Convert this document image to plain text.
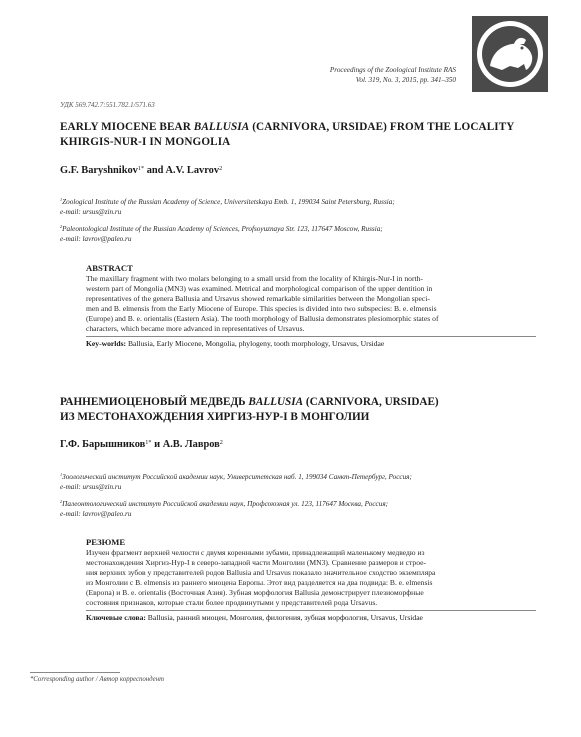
Proceedings of the Zoological Institute RAS
Vol. 319, No. 3, 2015, pp. 341–350
УДК 569.742.7:551.782.1/571.63
EARLY MIOCENE BEAR BALLUSIA (CARNIVORA, URSIDAE) FROM THE LOCALITY
KHIRGIS-NUR-I IN MONGOLIA
G.F. Baryshnikov$^{1*}$ and A.V. Lavrov$^2$
$^1$Zoological Institute of the Russian Academy of Science, Universitetskaya Emb. 1, 199034 Saint Petersburg, Russia;
e-mail: ursus@zin.ru
$^2$Paleontological Institute of the Russian Academy of Sciences, Profsoyuznaya Str. 123, 117647 Moscow, Russia;
e-mail: lavrov@paleo.ru
ABSTRACT
The maxillary fragment with two molars belonging to a small ursid from the locality of Khirgis-Nur-I in north-
western part of Mongolia (MN3) was examined. Metrical and morphological comparison of the upper dentition in
representatives of the genera Ballusia and Ursavus showed remarkable similarities between the Mongolian speci-
men and B. elmensis from the Early Miocene of Europe. This species is divided into two subspecies: B. e. elmensis
(Europe) and B. e. orientalis (Eastern Asia). The tooth morphology of Ballusia demonstrates plesiomorphic states of
characters, which became more advanced in representatives of Ursavus.
Key-worlds: Ballusia, Early Miocene, Mongolia, phylogeny, tooth morphology, Ursavus, Ursidae
РАННЕМИОЦЕНОВЫЙ МЕДВЕДЬ BALLUSIA (CARNIVORA, URSIDAE)
ИЗ МЕСТОНАХОЖДЕНИЯ ХИРГИЗ-НУР-I В МОНГОЛИИ
Г.Ф. Барышников$^{1*}$ и А.В. Лавров$^2$
$^1$Зоологический институт Российской академии наук, Университетская наб. 1, 199034 Санкт-Петербург, Россия;
e-mail: ursus@zin.ru
$^2$Палеонтологический институт Российской академии наук, Профсоюзная ул. 123, 117647 Москва, Россия;
e-mail: lavrov@paleo.ru
РЕЗЮМЕ
Изучен фрагмент верхней челюсти с двумя коренными зубами, принадлежащий маленькому медведю из
местонахождения Хиргиз-Нур-I в северо-западной части Монголии (MN3). Сравнение размеров и строе-
ния верхних зубов у представителей родов Ballusia and Ursavus показало значительное сходство экземпляра
из Монголии с B. elmensis из раннего миоцена Европы. Этот вид разделяется на два подвида: B. e. elmensis
(Европа) и B. e. orientalis (Восточная Азия). Зубная морфология Ballusia демонстрирует плезиоморфные
состояния признаков, которые стали более продвинутыми у представителей рода Ursavus.
Ключевые слова: Ballusia, ранний миоцен, Монголия, филогения, зубная морфология, Ursavus, Ursidae
*Corresponding author / Автор корреспондент
